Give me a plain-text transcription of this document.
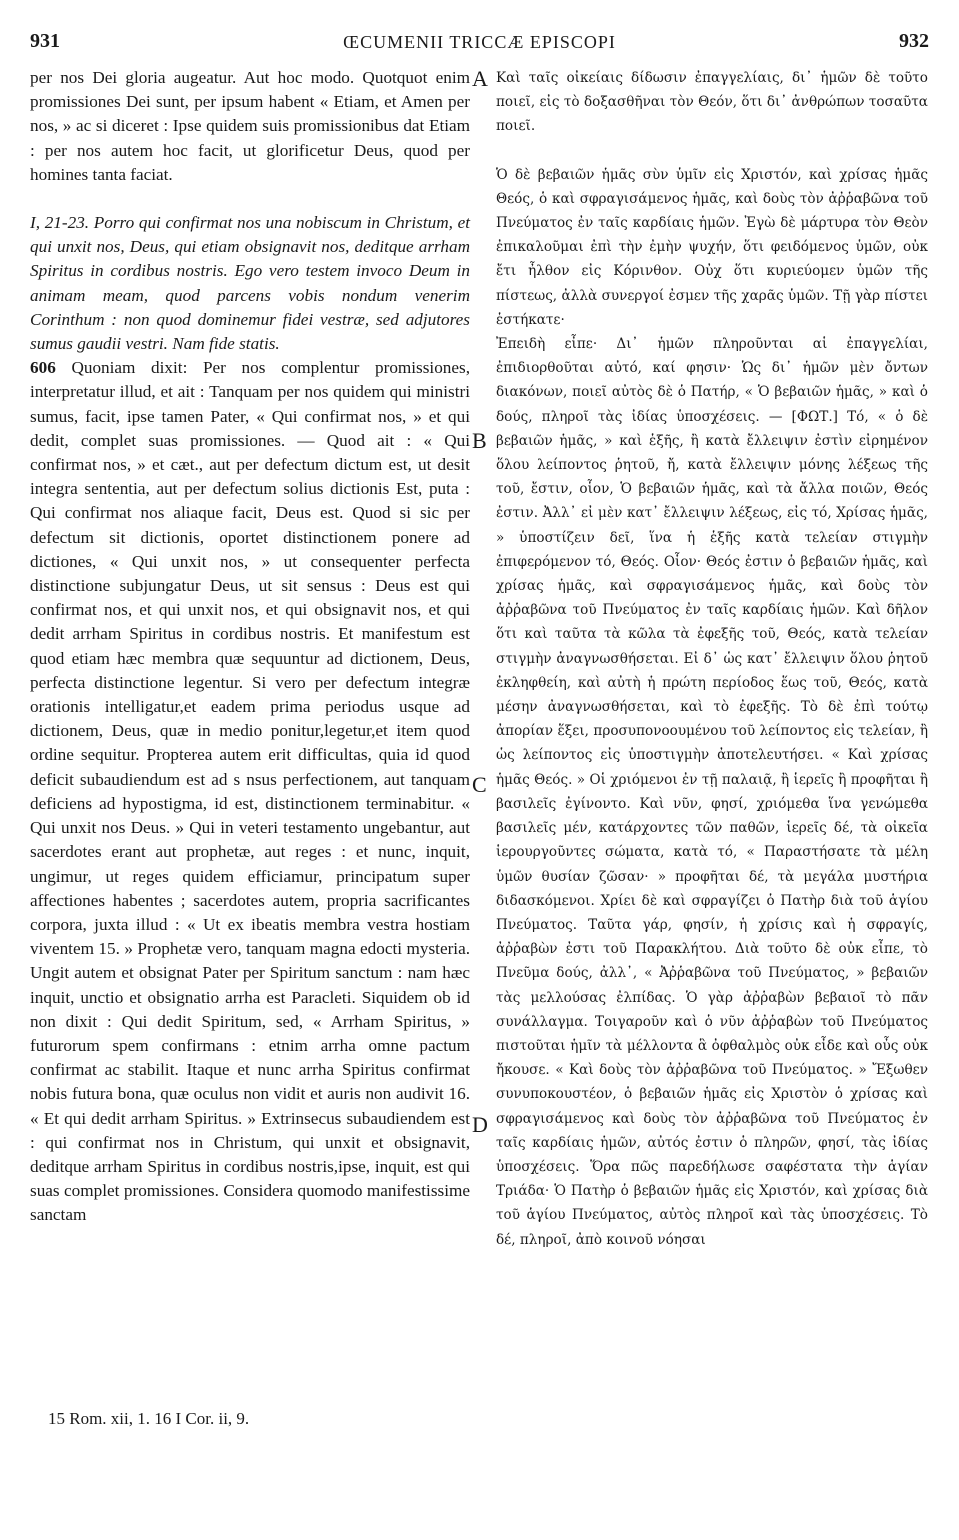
931	ŒCUMENII TRICCÆ EPISCOPI	932

per nos Dei gloria augeatur. Aut hoc modo. Quotquot enim promissiones Dei sunt, per ipsum habent « Etiam, et Amen per nos, » ac si diceret : Ipse quidem suis promissionibus dat Etiam : per nos autem hoc facit, ut glorificetur Deus, quod per homines tanta faciat.

I, 21-23. Porro qui confirmat nos una nobiscum in Christum, et qui unxit nos, Deus, qui etiam obsignavit nos, deditque arrham Spiritus in cordibus nostris. Ego vero testem invoco Deum in animam meam, quod parcens vobis nondum venerim Corinthum : non quod dominemur fidei vestræ, sed adjutores sumus gaudii vestri. Nam fide statis.

606 Quoniam dixit: Per nos complentur promissiones, interpretatur illud, et ait : Tanquam per nos quidem qui ministri sumus, facit, ipse tamen Pater, « Qui confirmat nos, » et qui dedit, complet suas promissiones. — Quod ait : « Qui confirmat nos, » et cæt., aut per defectum dictum est, ut desit integra sententia, aut per defectum solius dictionis Est, puta : Qui confirmat nos aliaque facit, Deus est. Quod si sic per defectum sit dictionis, oportet distinctionem ponere ad dictiones, « Qui unxit nos, » ut consequenter perfecta distinctione subjungatur Deus, ut sit sensus : Deus est qui confirmat nos, et qui unxit nos, et qui obsignavit nos, et qui dedit arrham Spiritus in cordibus nostris. Et manifestum est quod etiam hæc membra quæ sequuntur ad dictionem, Deus, perfecta distinctione legentur. Si vero per defectum integræ orationis intelligatur,et eadem prima periodus usque ad dictionem, Deus, quæ in medio ponitur,legetur,et item quod ordine sequitur. Propterea autem erit difficultas, quia id quod deficit subaudiendum est ad s nsus perfectionem, aut tanquam deficiens ad hypostigma, id est, distinctionem terminabitur. « Qui unxit nos Deus. » Qui in veteri testamento ungebantur, aut sacerdotes erant aut prophetæ, aut reges : et nunc, inquit, ungimur, ut reges quidem efficiamur, principatum super affectiones habentes ; sacerdotes autem, propria sacrificantes corpora, juxta illud : « Ut ex ibeatis membra vestra hostiam viventem 15. » Prophetæ vero, tanquam magna edocti mysteria. Ungit autem et obsignat Pater per Spiritum sanctum : nam hæc inquit, unctio et obsignatio arrha est Paracleti. Siquidem ob id non dixit : Qui dedit Spiritum, sed, « Arrham Spiritus, » futurorum spem confirmans : etnim arrha omne pactum confirmat ac stabilit. Itaque et nunc arrha Spiritus confirmat nobis futura bona, quæ oculus non vidit et auris non audivit 16. « Et qui dedit arrham Spiritus. » Extrinsecus subaudiendem est : qui confirmat nos in Christum, qui unxit et obsignavit, deditque arrham Spiritus in cordibus nostris,ipse, inquit, est qui suas complet promissiones. Considera quomodo manifestissime sanctam

A
B
C
D

Καὶ ταῖς οἰκείαις δίδωσιν ἐπαγγελίαις, δι᾽ ἡμῶν δὲ τοῦτο ποιεῖ, εἰς τὸ δοξασθῆναι τὸν Θεόν, ὅτι δι᾽ ἀνθρώπων τοσαῦτα ποιεῖ.

Ὁ δὲ βεβαιῶν ἡμᾶς σὺν ὑμῖν εἰς Χριστόν, καὶ χρίσας ἡμᾶς Θεός, ὁ καὶ σφραγισάμενος ἡμᾶς, καὶ δοὺς τὸν ἀῤῥαβῶνα τοῦ Πνεύματος ἐν ταῖς καρδίαις ἡμῶν. Ἐγὼ δὲ μάρτυρα τὸν Θεὸν ἐπικαλοῦμαι ἐπὶ τὴν ἐμὴν ψυχήν, ὅτι φειδόμενος ὑμῶν, οὐκ ἔτι ἦλθον εἰς Κόρινθον. Οὐχ ὅτι κυριεύομεν ὑμῶν τῆς πίστεως, ἀλλὰ συνεργοί ἐσμεν τῆς χαρᾶς ὑμῶν. Τῇ γὰρ πίστει ἑστήκατε·

Ἐπειδὴ εἶπε· Δι᾽ ἡμῶν πληροῦνται αἱ ἐπαγγελίαι, ἐπιδιορθοῦται αὐτό, καί φησιν· Ὡς δι᾽ ἡμῶν μὲν ὄντων διακόνων, ποιεῖ αὐτὸς δὲ ὁ Πατήρ, « Ὁ βεβαιῶν ἡμᾶς, » καὶ ὁ δούς, πληροῖ τὰς ἰδίας ὑποσχέσεις. — [ΦΩΤ.] Τό, « ὁ δὲ βεβαιῶν ἡμᾶς, » καὶ ἑξῆς, ἢ κατὰ ἔλλειψιν ἐστὶν εἰρημένον ὅλου λείποντος ῥητοῦ, ἤ, κατὰ ἔλλειψιν μόνης λέξεως τῆς τοῦ, ἔστιν, οἷον, Ὁ βεβαιῶν ἡμᾶς, καὶ τὰ ἄλλα ποιῶν, Θεός ἐστιν. Ἀλλ᾽ εἰ μὲν κατ᾽ ἔλλειψιν λέξεως, εἰς τό, Χρίσας ἡμᾶς, » ὑποστίζειν δεῖ, ἵνα ἡ ἑξῆς κατὰ τελείαν στιγμὴν ἐπιφερόμενον τό, Θεός. Οἷον· Θεός ἐστιν ὁ βεβαιῶν ἡμᾶς, καὶ χρίσας ἡμᾶς, καὶ σφραγισάμενος ἡμᾶς, καὶ δοὺς τὸν ἀῤῥαβῶνα τοῦ Πνεύματος ἐν ταῖς καρδίαις ἡμῶν. Καὶ δῆλον ὅτι καὶ ταῦτα τὰ κῶλα τὰ ἐφεξῆς τοῦ, Θεός, κατὰ τελείαν στιγμὴν ἀναγνωσθήσεται. Εἰ δ᾽ ὡς κατ᾽ ἔλλειψιν ὅλου ῥητοῦ ἐκληφθείη, καὶ αὐτὴ ἡ πρώτη περίοδος ἕως τοῦ, Θεός, κατὰ μέσην ἀναγνωσθήσεται, καὶ τὸ ἐφεξῆς. Τὸ δὲ ἐπὶ τούτῳ ἀπορίαν ἕξει, προσυπονοουμένου τοῦ λείποντος εἰς τελείαν, ἢ ὡς λείποντος εἰς ὑποστιγμὴν ἀποτελευτήσει. « Καὶ χρίσας ἡμᾶς Θεός. » Οἱ χριόμενοι ἐν τῇ παλαιᾷ, ἢ ἱερεῖς ἢ προφῆται ἢ βασιλεῖς ἐγίνοντο. Καὶ νῦν, φησί, χριόμεθα ἵνα γενώμεθα βασιλεῖς μέν, κατάρχοντες τῶν παθῶν, ἱερεῖς δέ, τὰ οἰκεῖα ἱερουργοῦντες σώματα, κατὰ τό, « Παραστήσατε τὰ μέλη ὑμῶν θυσίαν ζῶσαν· » προφῆται δέ, τὰ μεγάλα μυστήρια διδασκόμενοι. Χρίει δὲ καὶ σφραγίζει ὁ Πατὴρ διὰ τοῦ ἁγίου Πνεύματος. Ταῦτα γάρ, φησίν, ἡ χρίσις καὶ ἡ σφραγίς, ἀῤῥαβὼν ἐστι τοῦ Παρακλήτου. Διὰ τοῦτο δὲ οὐκ εἶπε, τὸ Πνεῦμα δούς, ἀλλ᾽, « Ἀῤῥαβῶνα τοῦ Πνεύματος, » βεβαιῶν τὰς μελλούσας ἐλπίδας. Ὁ γὰρ ἀῤῥαβὼν βεβαιοῖ τὸ πᾶν συνάλλαγμα. Τοιγαροῦν καὶ ὁ νῦν ἀῤῥαβὼν τοῦ Πνεύματος πιστοῦται ἡμῖν τὰ μέλλοντα ἃ ὀφθαλμὸς οὐκ εἶδε καὶ οὖς οὐκ ἤκουσε. « Καὶ δοὺς τὸν ἀῤῥαβῶνα τοῦ Πνεύματος. » Ἔξωθεν συνυποκουστέον, ὁ βεβαιῶν ἡμᾶς εἰς Χριστὸν ὁ χρίσας καὶ σφραγισάμενος καὶ δοὺς τὸν ἀῤῥαβῶνα τοῦ Πνεύματος ἐν ταῖς καρδίαις ἡμῶν, αὐτός ἐστιν ὁ πληρῶν, φησί, τὰς ἰδίας ὑποσχέσεις. Ὅρα πῶς παρεδήλωσε σαφέστατα τὴν ἁγίαν Τριάδα· Ὁ Πατὴρ ὁ βεβαιῶν ἡμᾶς εἰς Χριστόν, καὶ χρίσας διὰ τοῦ ἁγίου Πνεύματος, αὐτὸς πληροῖ καὶ τὰς ὑποσχέσεις. Τὸ δέ, πληροῖ, ἀπὸ κοινοῦ νόησαι

15 Rom. xii, 1. 16 I Cor. ii, 9.
